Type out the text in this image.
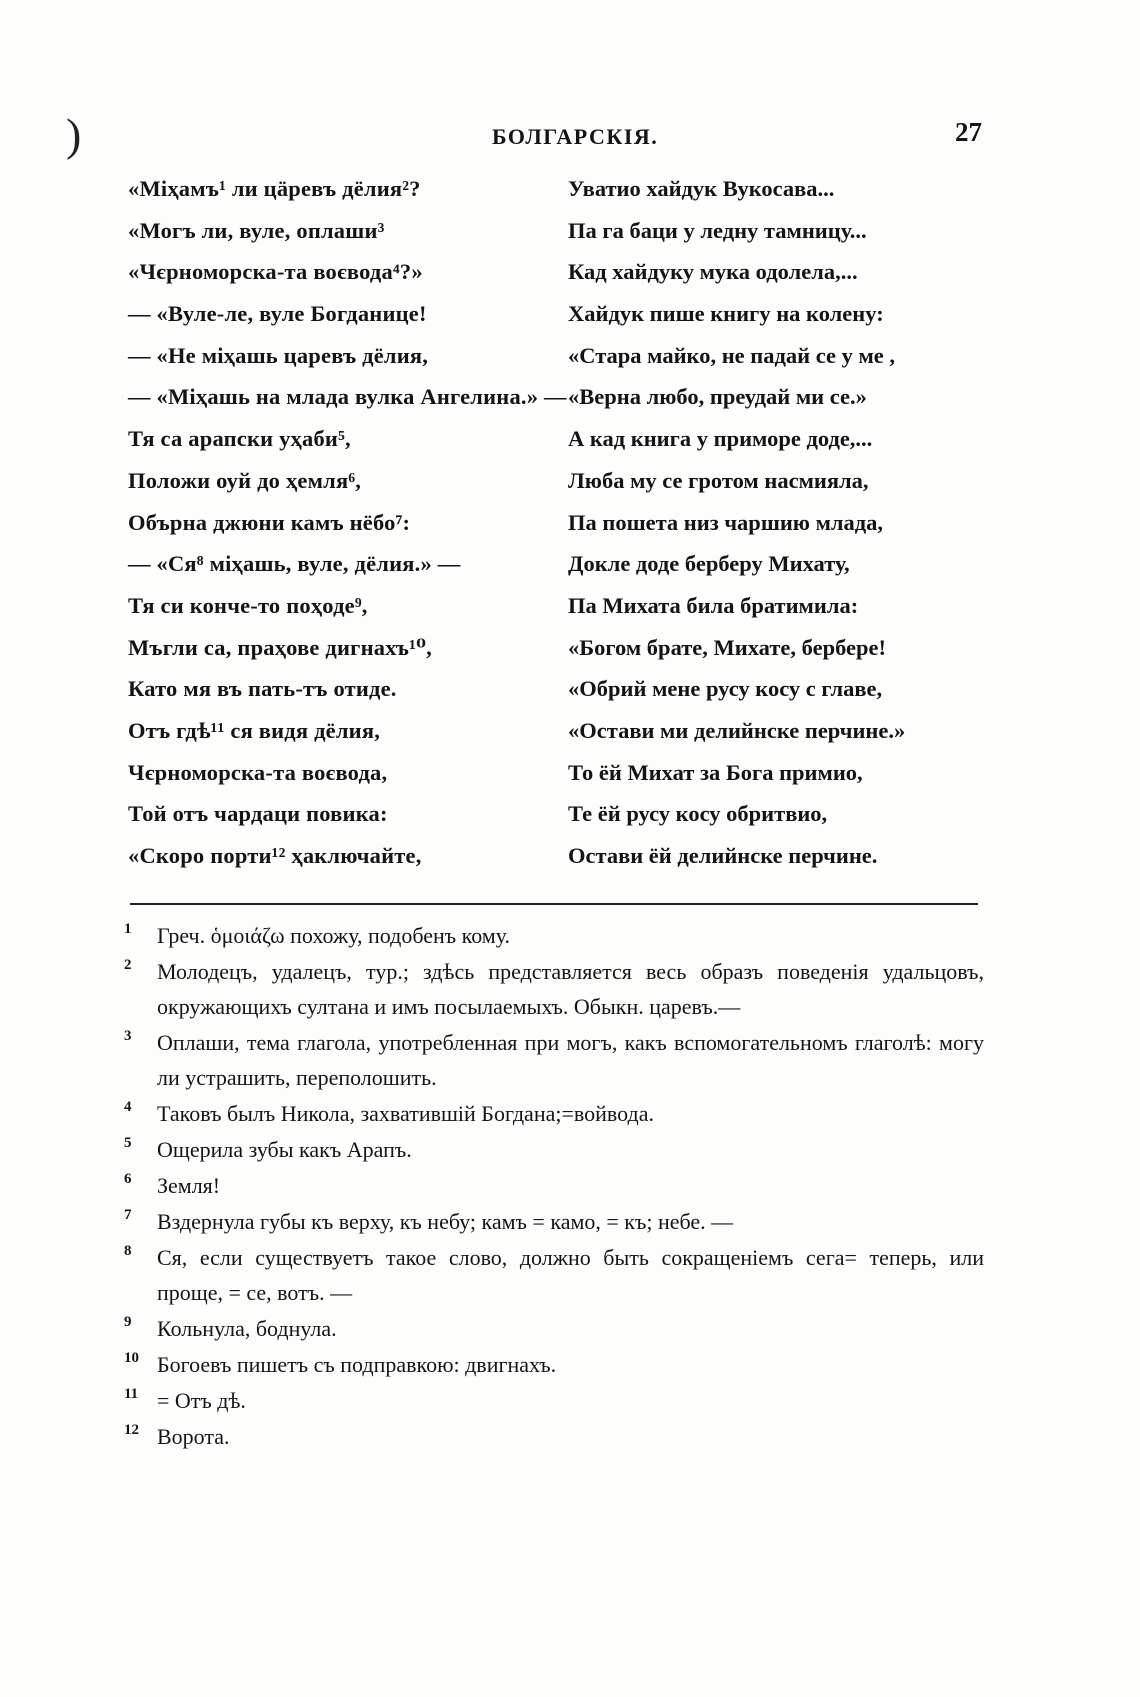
)	БОЛГАРСКІЯ.	27
«Міҳамъ¹ ли цäревъ дёлия²?
«Могъ ли, вуле, оплаши³
«Чєрноморска-та воєвода⁴?»
— «Вуле-ле, вуле Богданице!
— «Не міҳашь царевъ дёлия,
— «Міҳашь на млада вулка Ангелина.» —
Тя са арапски уҳаби⁵,
Положи оуй до ҳемля⁶,
Обърна джюни камъ нёбо⁷:
— «Ся⁸ міҳашь, вуле, дёлия.» —
Тя си конче-то поҳоде⁹,
Мъгли са, праҳове дигнахъ¹⁰,
Като мя въ пать-тъ отиде.
Отъ гдѣ¹¹ ся видя дёлия,
Чєрноморска-та воєвода,
Той отъ чардаци повика:
«Скоро порти¹² ҳаключайте,
Уватио хайдук Вукосава...
Па га баци у ледну тамницу...
Кад хайдуку мука одолела,...
Хайдук пише книгу на колену:
«Стара майко, не падай се у ме ,
«Верна любо, преудай ми се.»
А кад книга у приморе доде,...
Люба му се гротом насмияла,
Па пошета низ чаршию млада,
Докле доде берберу Михату,
Па Михата била братимила:
«Богом брате, Михате, берберe!
«Обрий мене русу косу с главе,
«Остави ми делийнске перчине.»
То ёй Михат за Бога примио,
Те ёй русу косу обритвио,
Остави ёй делийнске перчине.
1 Греч. ὁμοιάζω похожу, подобенъ кому.
2 Молодецъ, удалецъ, тур.; здѣсь представляется весь образъ поведенія удальцовъ, окружающихъ султана и имъ посылаемыхъ. Обыкн. царевъ.—
3 Оплаши, тема глагола, употребленная при могъ, какъ вспомогательномъ глаголѣ: могу ли устрашить, переполошить.
4 Таковъ былъ Никола, захватившій Богдана;=войвода.
5 Ощерила зубы какъ Арапъ.
6 Земля!
7 Вздернула губы къ верху, къ небу; камъ = камо, = къ; небе. —
8 Ся, если существуетъ такое слово, должно быть сокращеніемъ сега= теперь, или проще, = се, вотъ. —
9 Кольнула, боднула.
10 Богоевъ пишетъ съ подправкою: двигнахъ.
11 = Отъ дѣ.
12 Ворота.
